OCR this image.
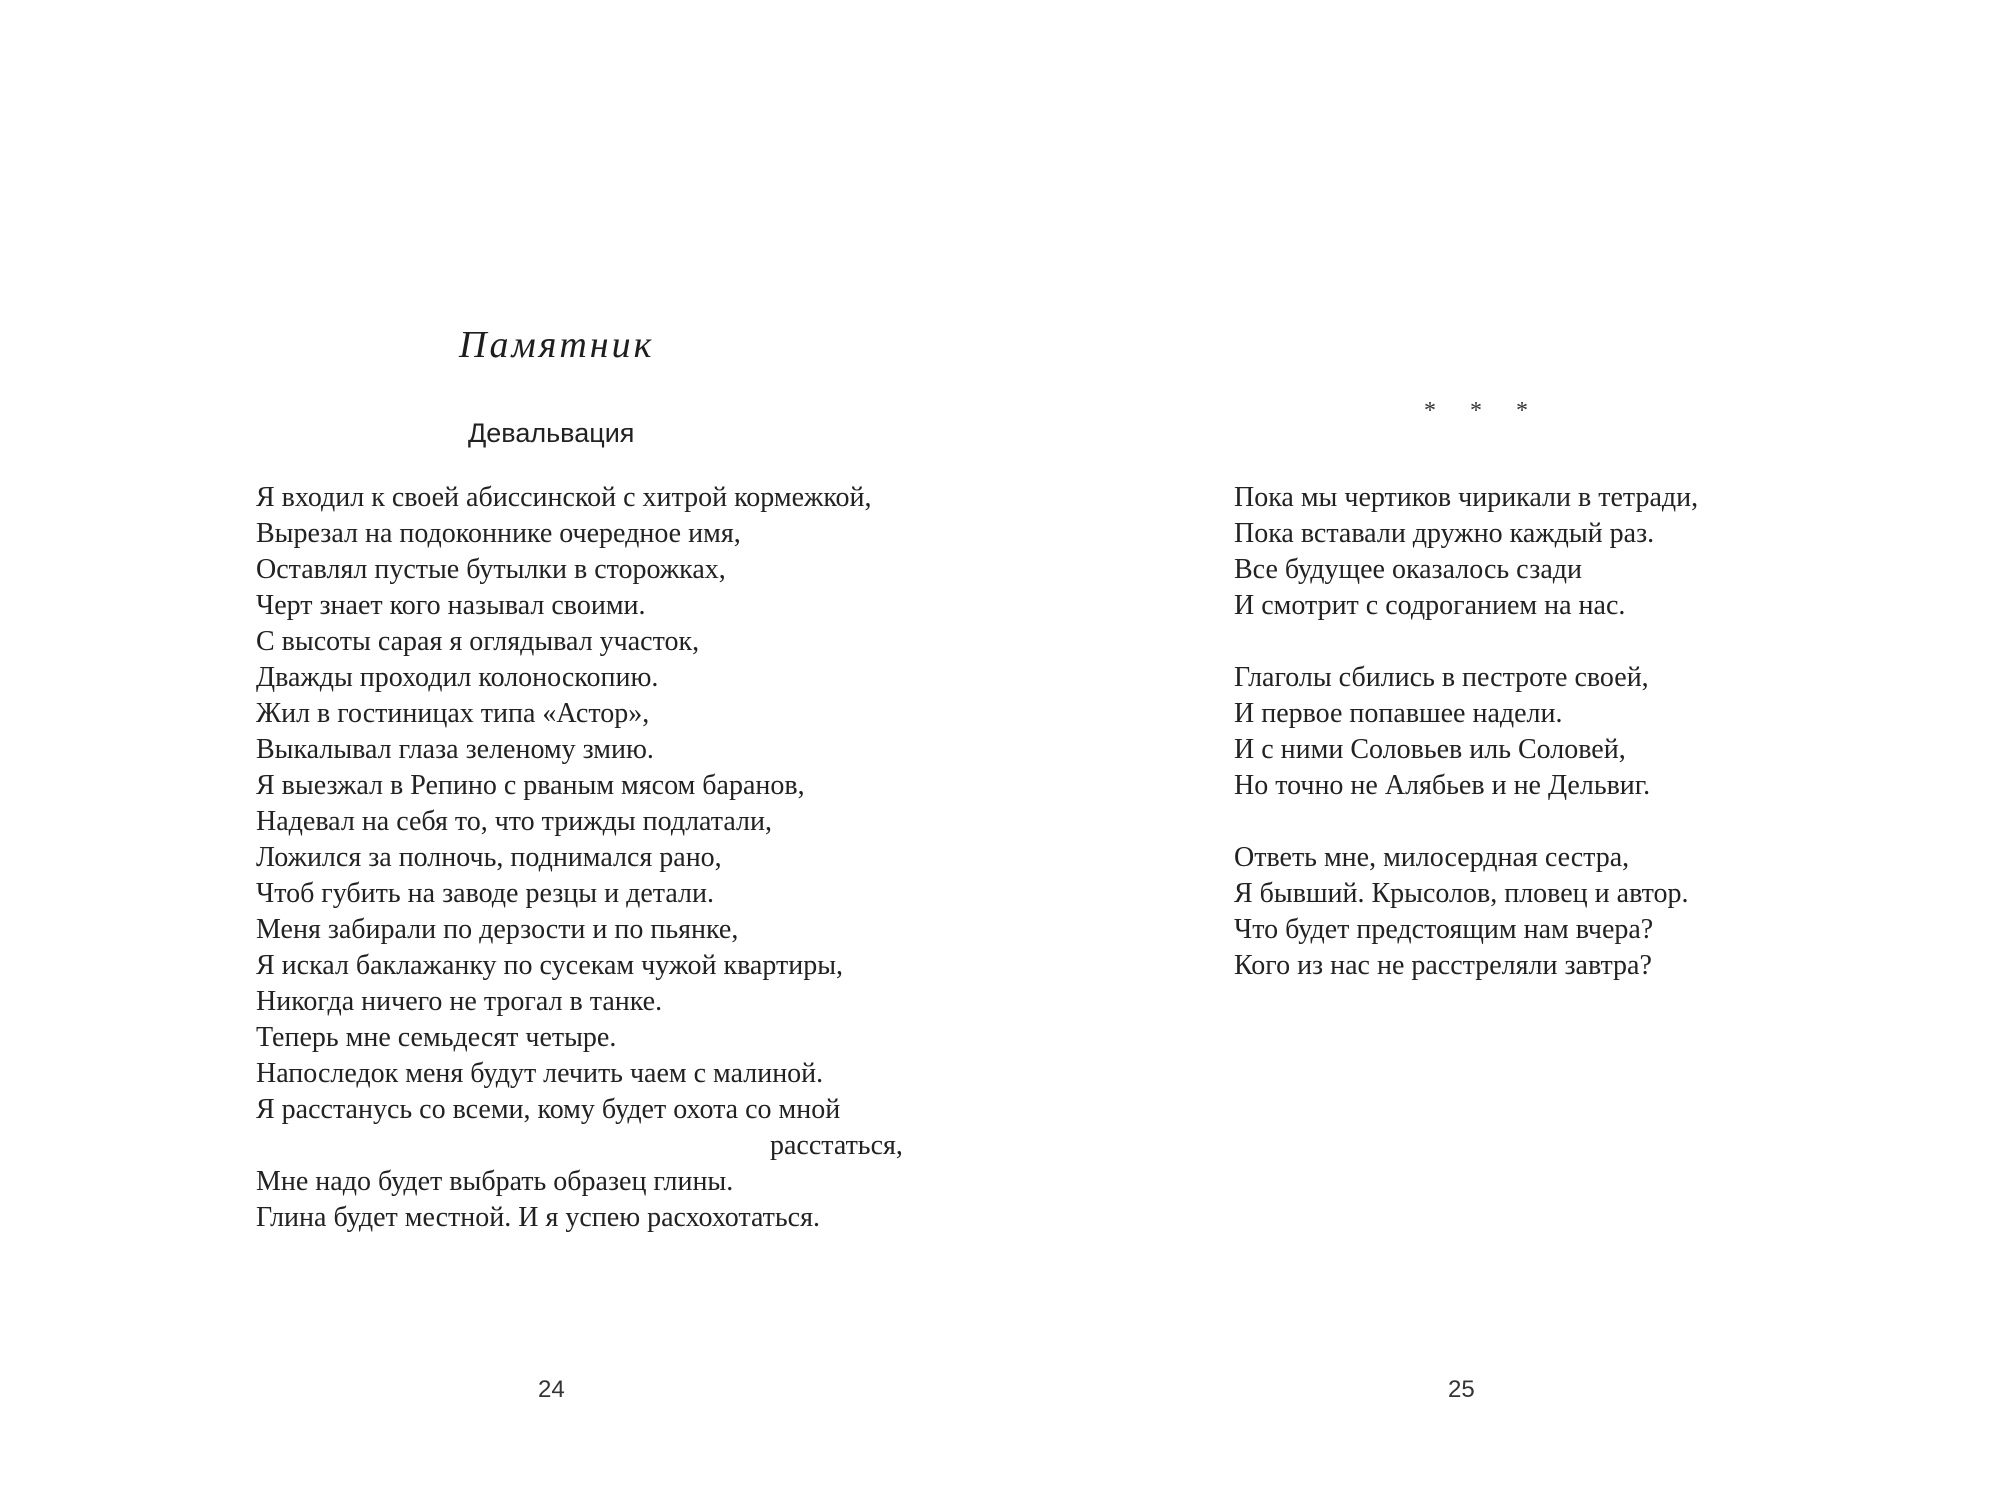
Памятник
Девальвация
Я входил к своей абиссинской с хитрой кормежкой,
Вырезал на подоконнике очередное имя,
Оставлял пустые бутылки в сторожках,
Черт знает кого называл своими.
С высоты сарая я оглядывал участок,
Дважды проходил колоноскопию.
Жил в гостиницах типа «Астор»,
Выкалывал глаза зеленому змию.
Я выезжал в Репино с рваным мясом баранов,
Надевал на себя то, что трижды подлатали,
Ложился за полночь, поднимался рано,
Чтоб губить на заводе резцы и детали.
Меня забирали по дерзости и по пьянке,
Я искал баклажанку по сусекам чужой квартиры,
Никогда ничего не трогал в танке.
Теперь мне семьдесят четыре.
Напоследок меня будут лечить чаем с малиной.
Я расстанусь со всеми, кому будет охота со мной
расстаться,
Мне надо будет выбрать образец глины.
Глина будет местной. И я успею расхохотаться.
24
* * *
Пока мы чертиков чирикали в тетради,
Пока вставали дружно каждый раз.
Все будущее оказалось сзади
И смотрит с содроганием на нас.
Глаголы сбились в пестроте своей,
И первое попавшее надели.
И с ними Соловьев иль Соловей,
Но точно не Алябьев и не Дельвиг.
Ответь мне, милосердная сестра,
Я бывший. Крысолов, пловец и автор.
Что будет предстоящим нам вчера?
Кого из нас не расстреляли завтра?
25
